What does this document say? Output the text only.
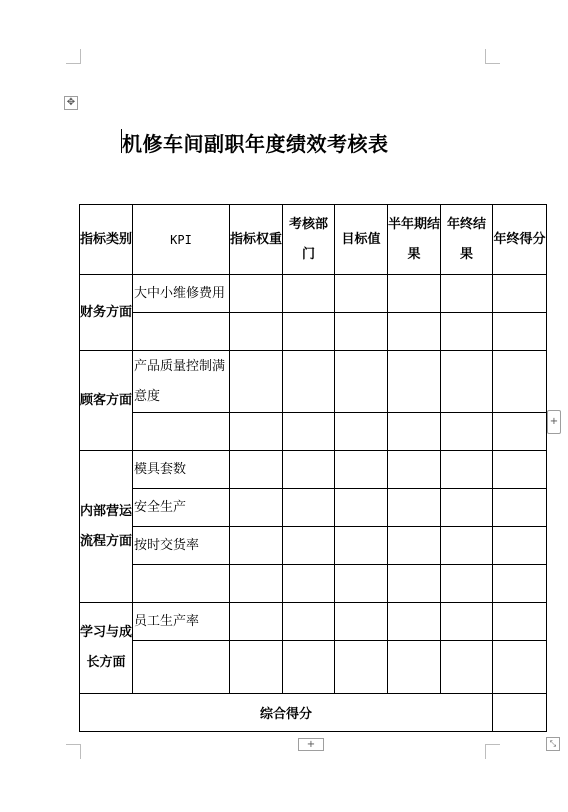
✥
机修车间副职年度绩效考核表
指标类别	KPI	指标权重	考核部门	目标值	半年期结果	年终结果	年终得分
财务方面	大中小维修费用						

顾客方面	产品质量控制满意度						

内部营运流程方面	模具套数						
	安全生产						
	按时交货率						

学习与成长方面	员工生产率						

综合得分							
+
+	⤡
